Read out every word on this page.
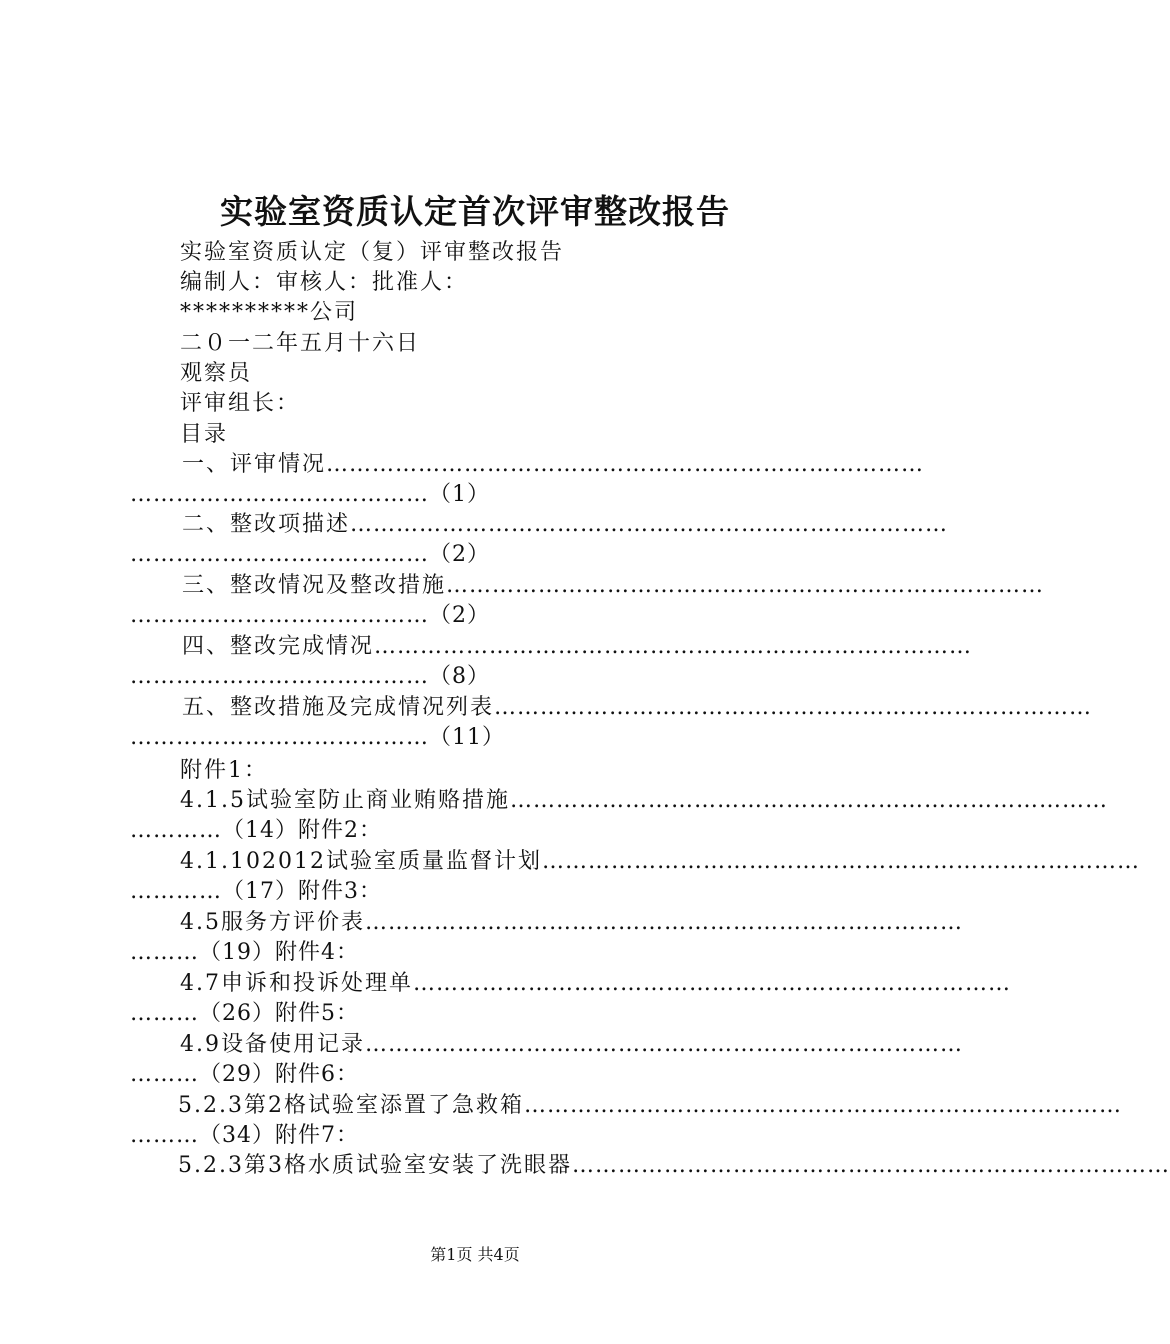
实验室资质认定首次评审整改报告
实验室资质认定（复）评审整改报告
编制人：审核人：批准人：
**********公司
二０一二年五月十六日
观察员
评审组长：
目录
一、评审情况 ……………………………………………………………………
…………………………………（1）
二、整改项描述 ……………………………………………………………………
…………………………………（2）
三、整改情况及整改措施 ……………………………………………………………………
…………………………………（2）
四、整改完成情况 ……………………………………………………………………
…………………………………（8）
五、整改措施及完成情况列表 ……………………………………………………………………
…………………………………（11）
附件1：
4.1.5试验室防止商业贿赂措施 ……………………………………………………………………
…………（14）附件2：
4.1.102012试验室质量监督计划 ……………………………………………………………………
…………（17）附件3：
4.5服务方评价表 ……………………………………………………………………
………（19）附件4：
4.7申诉和投诉处理单 ……………………………………………………………………
………（26）附件5：
4.9设备使用记录 ……………………………………………………………………
………（29）附件6：
5.2.3第2格试验室添置了急救箱 ……………………………………………………………………
………（34）附件7：
5.2.3第3格水质试验室安装了洗眼器 ……………………………………………………………………
第1页 共4页
